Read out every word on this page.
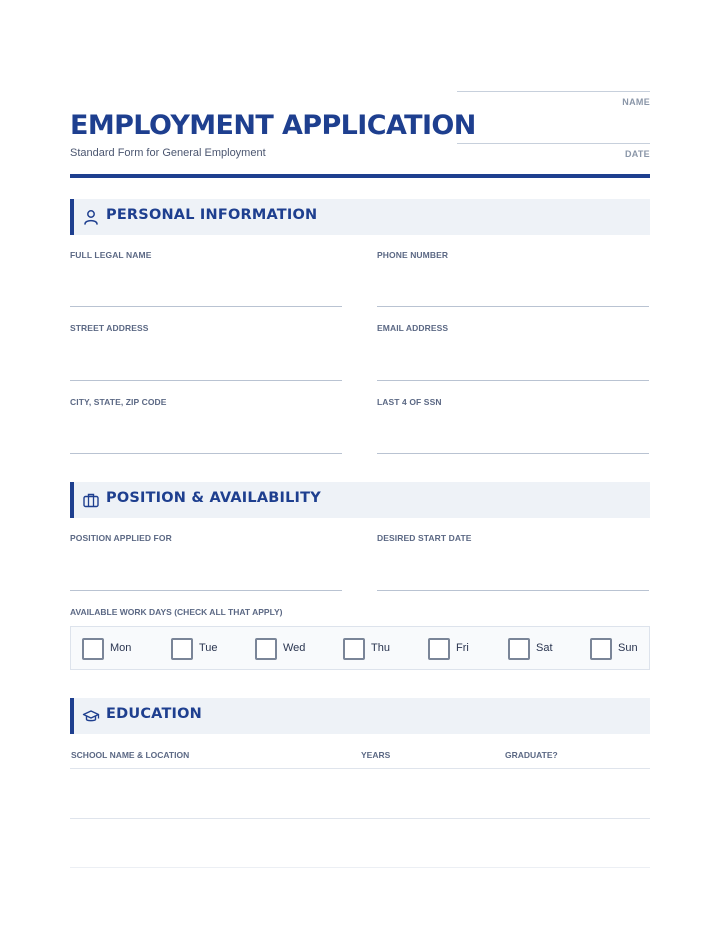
NAME
DATE
EMPLOYMENT APPLICATION
Standard Form for General Employment
PERSONAL INFORMATION
FULL LEGAL NAME	PHONE NUMBER
STREET ADDRESS	EMAIL ADDRESS
CITY, STATE, ZIP CODE	LAST 4 OF SSN
POSITION & AVAILABILITY
POSITION APPLIED FOR	DESIRED START DATE
AVAILABLE WORK DAYS (CHECK ALL THAT APPLY)
Mon	Tue	Wed	Thu	Fri	Sat	Sun
EDUCATION
SCHOOL NAME & LOCATION	YEARS	GRADUATE?
